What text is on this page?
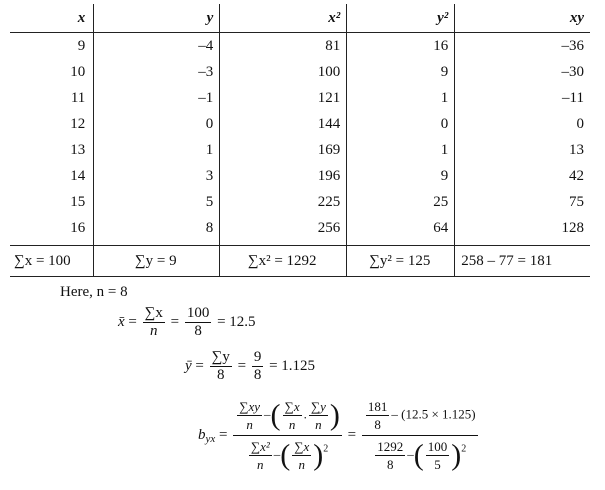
x	y	x²	y²	xy
9	–4	81	16	–36
10	–3	100	9	–30
11	–1	121	1	–11
12	0	144	0	0
13	1	169	1	13
14	3	196	9	42
15	5	225	25	75
16	8	256	64	128
∑x = 100	∑y = 9	∑x² = 1292	∑y² = 125	258 – 77 = 181
Here, n = 8
x̄ = $\frac{\sum x}{n} = \frac{100}{8} = 12.5$
ȳ = $\frac{\sum y}{8} = \frac{9}{8} = 1.125$
$b_{yx}$ =
$\frac{\sum xy}{n}$ –( $\frac{\sum x}{n}$ . $\frac{\sum y}{n}$ )
$\frac{\text{∑x²}}{n}$ –( $\frac{\sum x}{n} )^2$
= $\frac{\frac{181}{8} - (12.5 \times 1.125)}{\frac{1292}{8} -( \frac{100}{5} )^2}$
